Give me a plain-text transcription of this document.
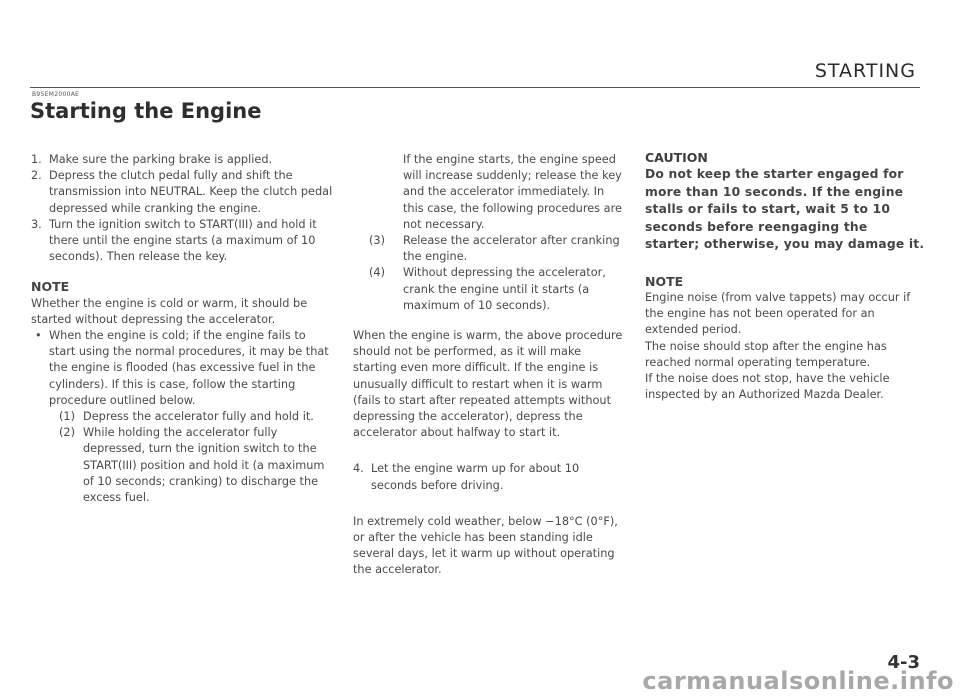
STARTING
B95EM2000AE
Starting the Engine

1. Make sure the parking brake is applied.

2. Depress the clutch pedal fully and shift the transmission into NEUTRAL. Keep the clutch pedal depressed while cranking the engine.

3. Turn the ignition switch to START(III) and hold it there until the engine starts (a maximum of 10 seconds). Then release the key.

NOTE

Whether the engine is cold or warm, it should be started without depressing the accelerator.

• When the engine is cold; if the engine fails to start using the normal procedures, it may be that the engine is flooded (has excessive fuel in the cylinders). If this is case, follow the starting procedure outlined below.

(1) Depress the accelerator fully and hold it.

(2) While holding the accelerator fully depressed, turn the ignition switch to the START(III) position and hold it (a maximum of 10 seconds; cranking) to discharge the excess fuel.

If the engine starts, the engine speed will increase suddenly; release the key and the accelerator immediately. In this case, the following procedures are not necessary.

(3) Release the accelerator after cranking the engine.

(4) Without depressing the accelerator, crank the engine until it starts (a maximum of 10 seconds).

When the engine is warm, the above procedure should not be performed, as it will make starting even more difficult. If the engine is unusually difficult to restart when it is warm (fails to start after repeated attempts without depressing the accelerator), depress the accelerator about halfway to start it.

4. Let the engine warm up for about 10 seconds before driving.

In extremely cold weather, below −18°C (0°F), or after the vehicle has been standing idle several days, let it warm up without operating the accelerator.

CAUTION

Do not keep the starter engaged for more than 10 seconds. If the engine stalls or fails to start, wait 5 to 10 seconds before reengaging the starter; otherwise, you may damage it.

NOTE

Engine noise (from valve tappets) may occur if the engine has not been operated for an extended period.

The noise should stop after the engine has reached normal operating temperature.

If the noise does not stop, have the vehicle inspected by an Authorized Mazda Dealer.

4-3
carmanualsonline.info
